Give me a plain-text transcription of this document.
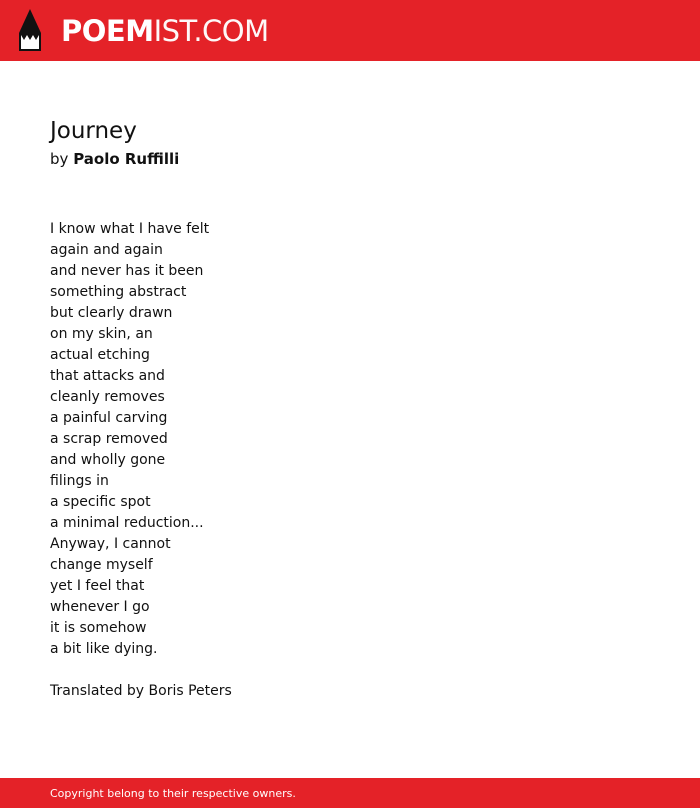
POEMIST.COM
Journey
by Paolo Ruffilli
I know what I have felt
again and again
and never has it been
something abstract
but clearly drawn
on my skin, an
actual etching
that attacks and
cleanly removes
a painful carving
a scrap removed
and wholly gone
filings in
a specific spot
a minimal reduction...
Anyway, I cannot
change myself
yet I feel that
whenever I go
it is somehow
a bit like dying.
Translated by Boris Peters
Copyright belong to their respective owners.
